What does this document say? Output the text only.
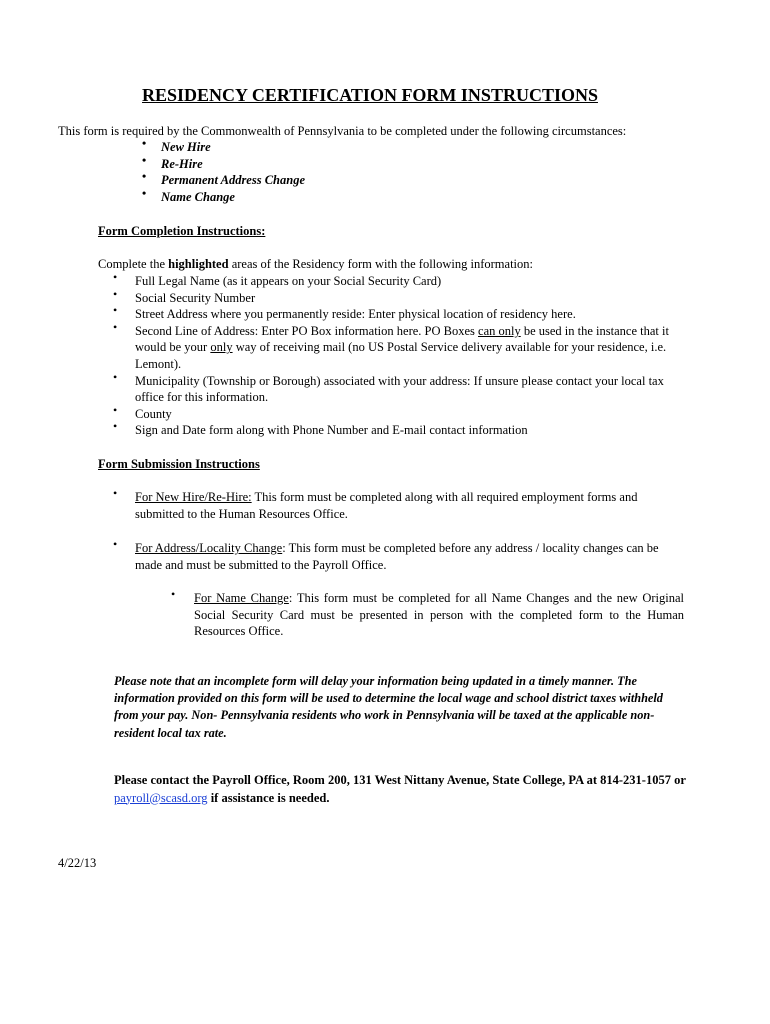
RESIDENCY CERTIFICATION FORM INSTRUCTIONS
This form is required by the Commonwealth of Pennsylvania to be completed under the following circumstances:
• New Hire
• Re-Hire
• Permanent Address Change
• Name Change
Form Completion Instructions:
Complete the highlighted areas of the Residency form with the following information:
• Full Legal Name (as it appears on your Social Security Card)
• Social Security Number
• Street Address where you permanently reside: Enter physical location of residency here.
• Second Line of Address: Enter PO Box information here. PO Boxes can only be used in the instance that it would be your only way of receiving mail (no US Postal Service delivery available for your residence, i.e. Lemont).
• Municipality (Township or Borough) associated with your address: If unsure please contact your local tax office for this information.
• County
• Sign and Date form along with Phone Number and E-mail contact information
Form Submission Instructions
• For New Hire/Re-Hire: This form must be completed along with all required employment forms and submitted to the Human Resources Office.
• For Address/Locality Change: This form must be completed before any address / locality changes can be made and must be submitted to the Payroll Office.
• For Name Change: This form must be completed for all Name Changes and the new Original Social Security Card must be presented in person with the completed form to the Human Resources Office.
Please note that an incomplete form will delay your information being updated in a timely manner. The information provided on this form will be used to determine the local wage and school district taxes withheld from your pay. Non- Pennsylvania residents who work in Pennsylvania will be taxed at the applicable non-resident local tax rate.
Please contact the Payroll Office, Room 200, 131 West Nittany Avenue, State College, PA at 814-231-1057 or payroll@scasd.org if assistance is needed.
4/22/13
